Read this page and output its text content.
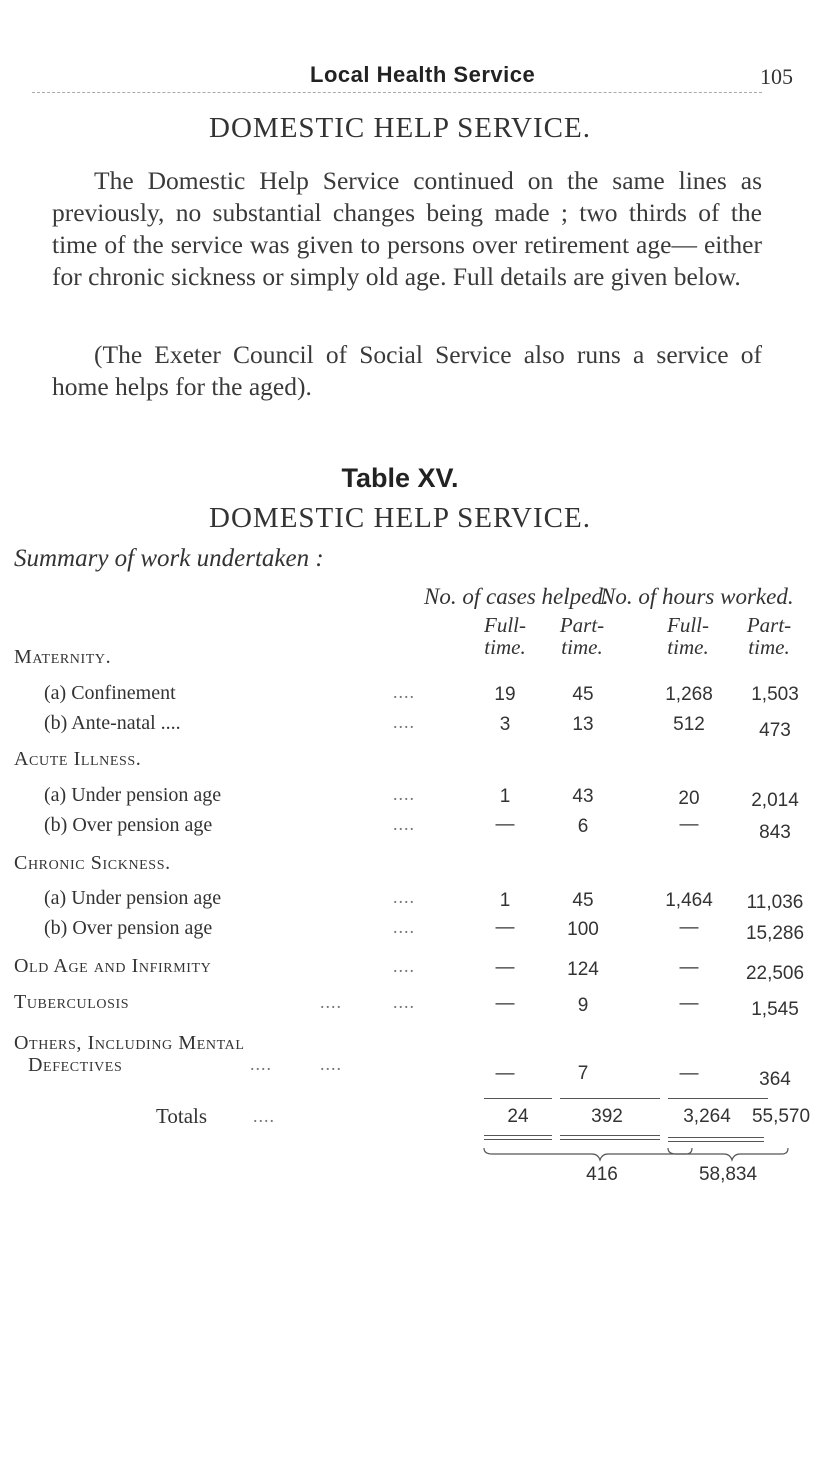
Local Health Service	105
DOMESTIC HELP SERVICE.
The Domestic Help Service continued on the same lines as previously, no substantial changes being made ; two thirds of the time of the service was given to persons over retirement age— either for chronic sickness or simply old age. Full details are given below.
(The Exeter Council of Social Service also runs a service of home helps for the aged).
Table XV.
DOMESTIC HELP SERVICE.
Summary of work undertaken :
No. of cases helped.
No. of hours worked.
Full- time.
Part- time.
Full- time.
Part- time.
Maternity.
(a) Confinement	....	19	45	1,268	1,503
(b) Ante-natal ....	....	3	13	512	473
Acute Illness.
(a) Under pension age	....	1	43	20	2,014
(b) Over pension age	....	—	6	—	843
Chronic Sickness.
(a) Under pension age	....	1	45	1,464	11,036
(b) Over pension age	....	—	100	—	15,286
Old Age and Infirmity	....	—	124	—	22,506
Tuberculosis	....	....	—	9	—	1,545
Others, Including Mental
Defectives	....	....	—	7	—	364
Totals	....	24	392	3,264	55,570
416	58,834
